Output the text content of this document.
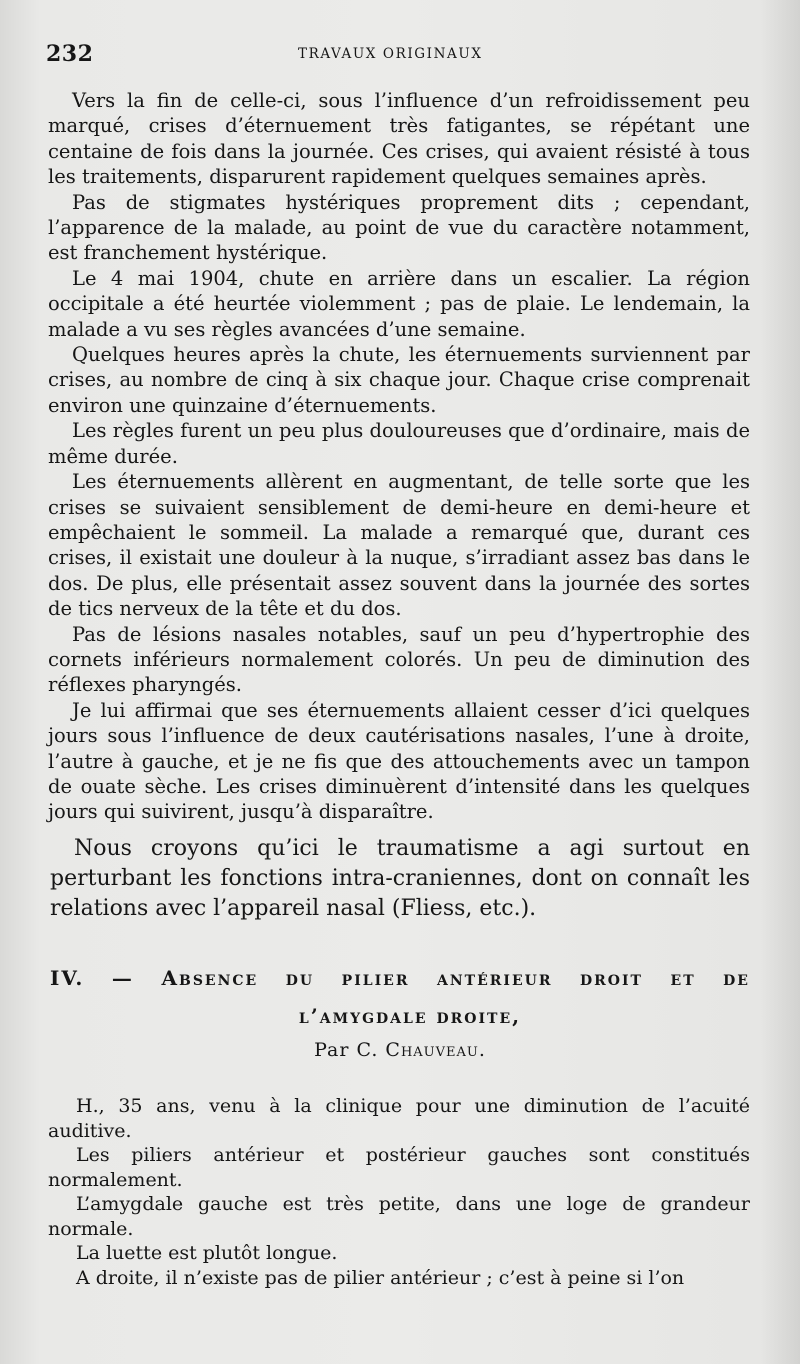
232	TRAVAUX ORIGINAUX

Vers la fin de celle-ci, sous l’influence d’un refroidissement peu marqué, crises d’éternuement très fatigantes, se répétant une centaine de fois dans la journée. Ces crises, qui avaient résisté à tous les traitements, disparurent rapidement quelques semaines après.

Pas de stigmates hystériques proprement dits ; cependant, l’apparence de la malade, au point de vue du caractère notamment, est franchement hystérique.

Le 4 mai 1904, chute en arrière dans un escalier. La région occipitale a été heurtée violemment ; pas de plaie. Le lendemain, la malade a vu ses règles avancées d’une semaine.

Quelques heures après la chute, les éternuements surviennent par crises, au nombre de cinq à six chaque jour. Chaque crise comprenait environ une quinzaine d’éternuements.

Les règles furent un peu plus douloureuses que d’ordinaire, mais de même durée.

Les éternuements allèrent en augmentant, de telle sorte que les crises se suivaient sensiblement de demi-heure en demi-heure et empêchaient le sommeil. La malade a remarqué que, durant ces crises, il existait une douleur à la nuque, s’irradiant assez bas dans le dos. De plus, elle présentait assez souvent dans la journée des sortes de tics nerveux de la tête et du dos.

Pas de lésions nasales notables, sauf un peu d’hypertrophie des cornets inférieurs normalement colorés. Un peu de diminution des réflexes pharyngés.

Je lui affirmai que ses éternuements allaient cesser d’ici quelques jours sous l’influence de deux cautérisations nasales, l’une à droite, l’autre à gauche, et je ne fis que des attouchements avec un tampon de ouate sèche. Les crises diminuèrent d’intensité dans les quelques jours qui suivirent, jusqu’à disparaître.

Nous croyons qu’ici le traumatisme a agi surtout en perturbant les fonctions intra-craniennes, dont on connaît les relations avec l’appareil nasal (Fliess, etc.).

IV. — Absence du pilier antérieur droit et de
l’amygdale droite,
Par C. Chauveau.

H., 35 ans, venu à la clinique pour une diminution de l’acuité auditive.

Les piliers antérieur et postérieur gauches sont constitués normalement.

L’amygdale gauche est très petite, dans une loge de grandeur normale.

La luette est plutôt longue.

A droite, il n’existe pas de pilier antérieur ; c’est à peine si l’on
